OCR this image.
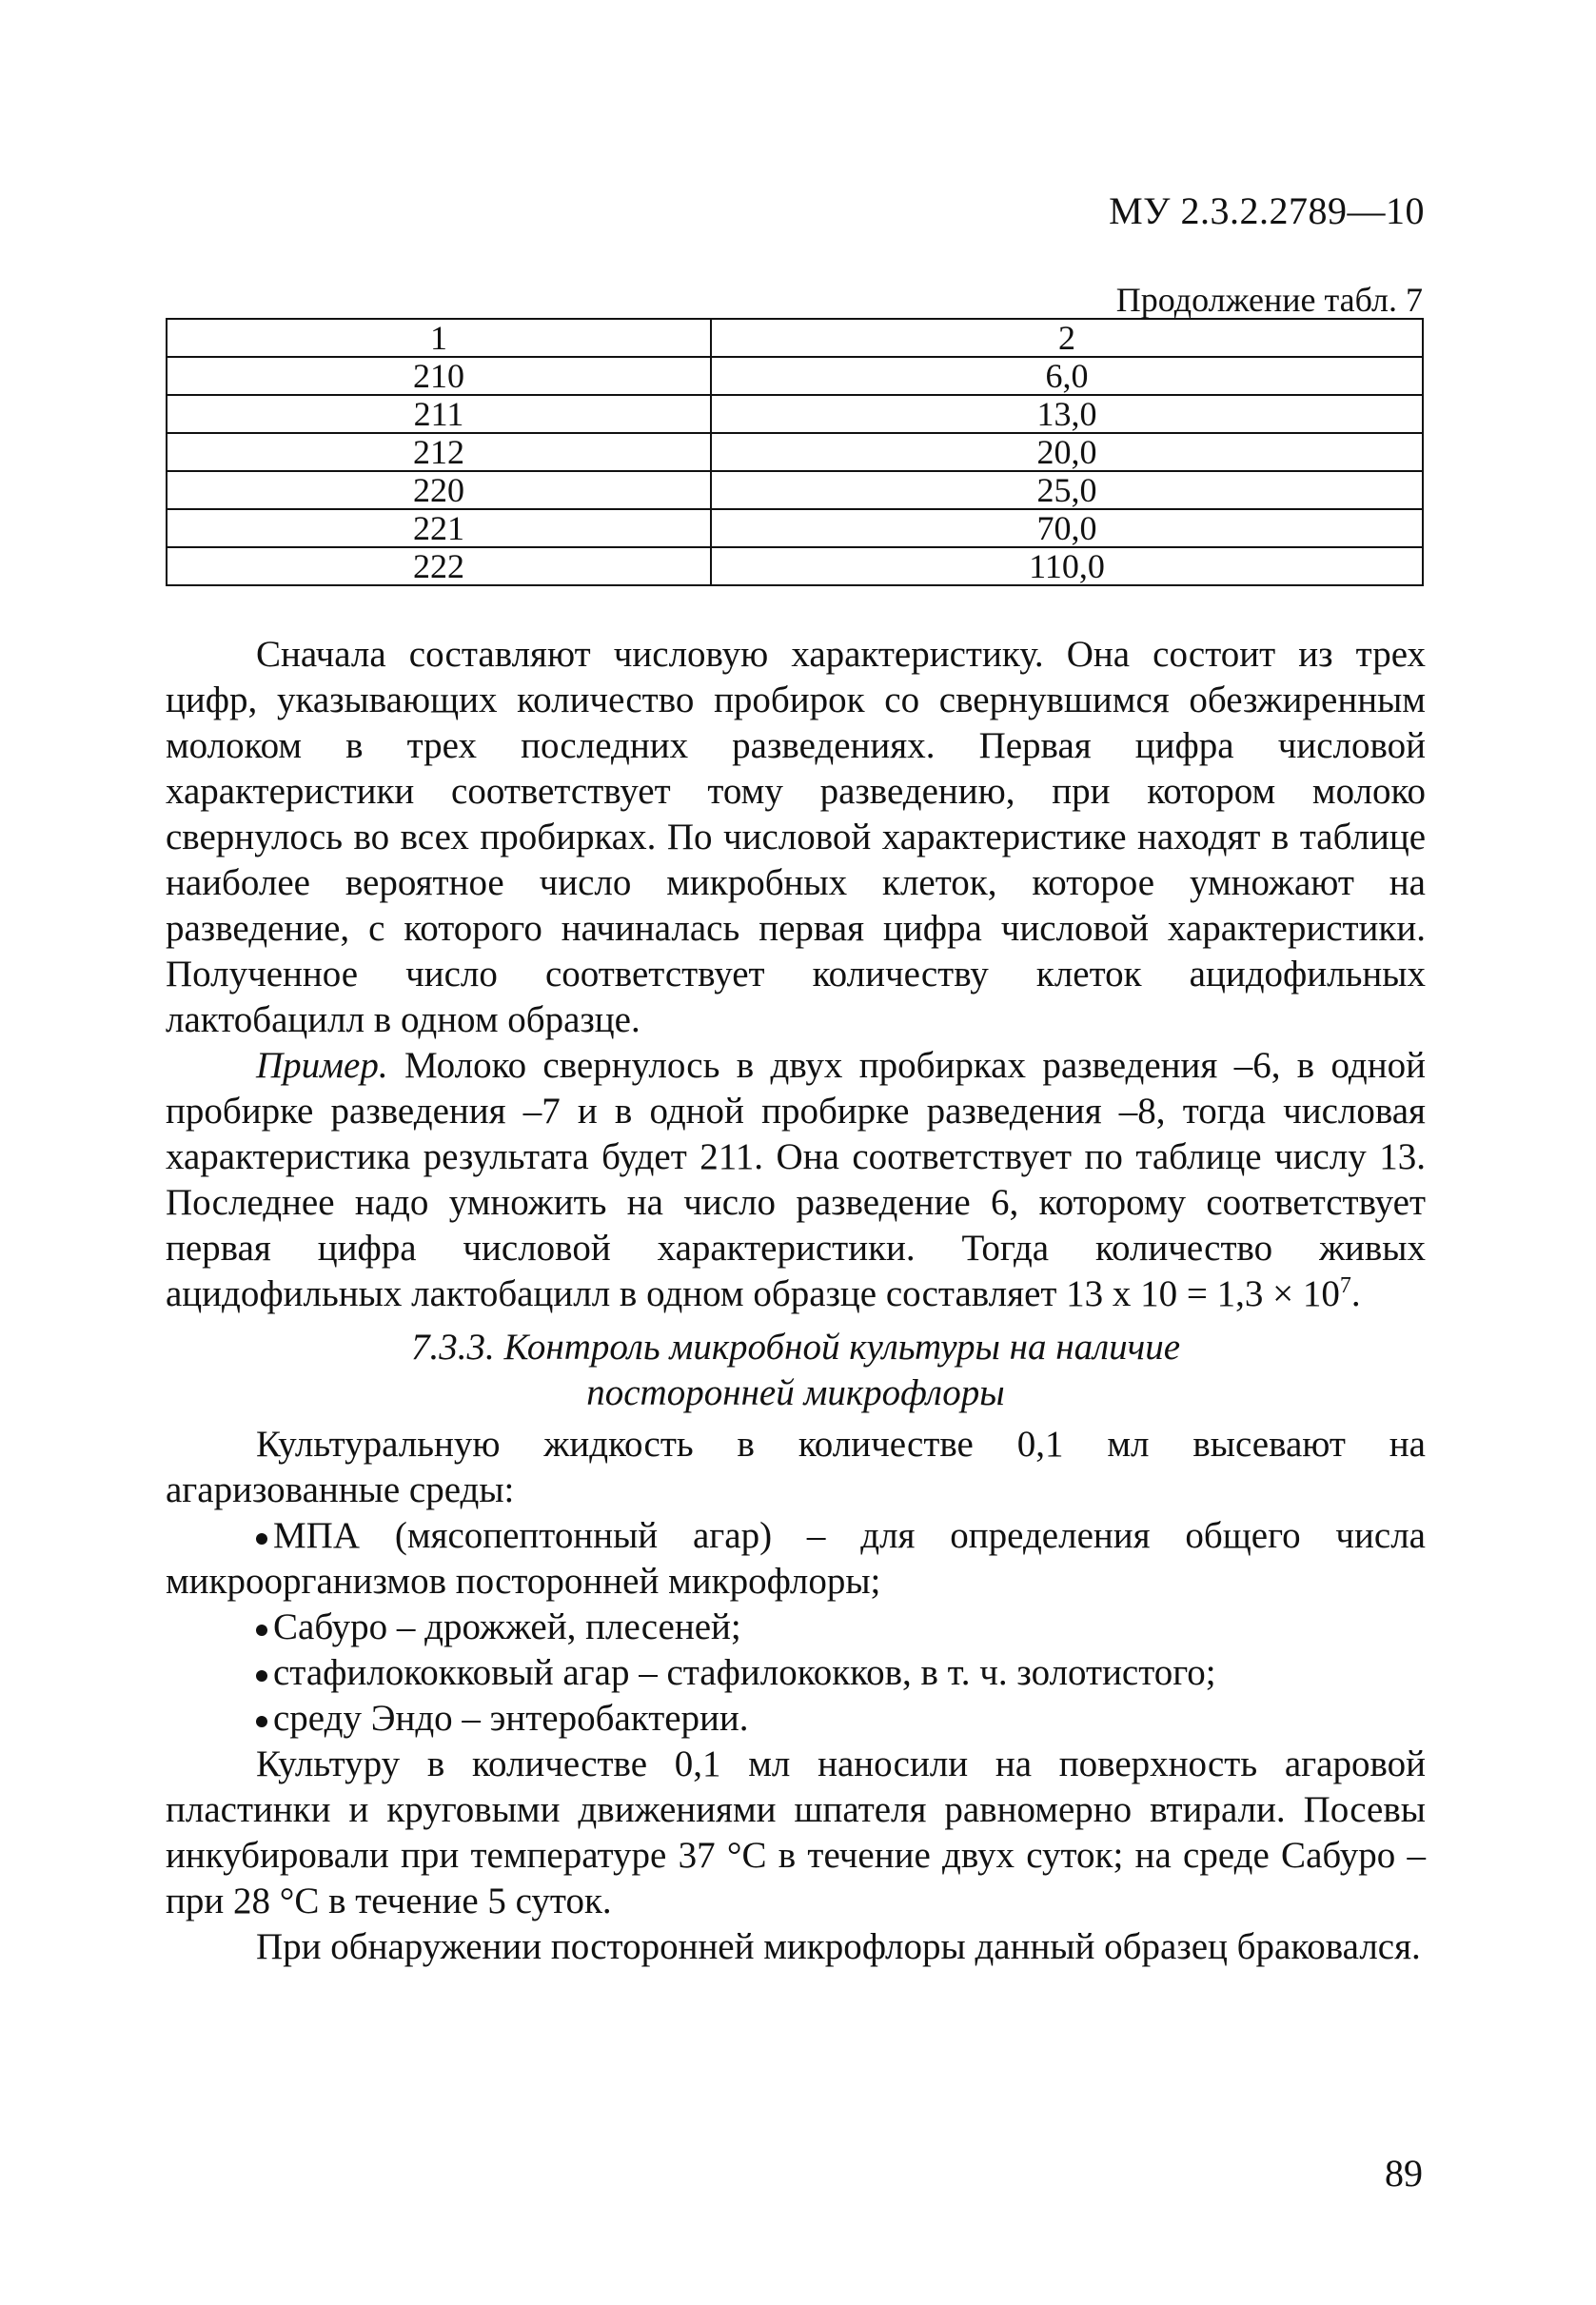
МУ 2.3.2.2789—10
Продолжение табл. 7
1	2
210	6,0
211	13,0
212	20,0
220	25,0
221	70,0
222	110,0

Сначала составляют числовую характеристику. Она состоит из трех цифр, указывающих количество пробирок со свернувшимся обезжиренным молоком в трех последних разведениях. Первая цифра числовой характеристики соответствует тому разведению, при котором молоко свернулось во всех пробирках. По числовой характеристике находят в таблице наиболее вероятное число микробных клеток, которое умножают на разведение, с которого начиналась первая цифра числовой характеристики. Полученное число соответствует количеству клеток ацидофильных лактобацилл в одном образце.

Пример. Молоко свернулось в двух пробирках разведения –6, в одной пробирке разведения –7 и в одной пробирке разведения –8, тогда числовая характеристика результата будет 211. Она соответствует по таблице числу 13. Последнее надо умножить на число разведение 6, которому соответствует первая цифра числовой характеристики. Тогда количество живых ацидофильных лактобацилл в одном образце составляет 13 x $10 = 1,3 \times 10^7$.

7.3.3. Контроль микробной культуры на наличие
посторонней микрофлоры

Культуральную жидкость в количестве 0,1 мл высевают на агаризованные среды:

МПА (мясопептонный агар) – для определения общего числа микроорганизмов посторонней микрофлоры;

Сабуро – дрожжей, плесеней;

стафилококковый агар – стафилококков, в т. ч. золотистого;

среду Эндо – энтеробактерии.

Культуру в количестве 0,1 мл наносили на поверхность агаровой пластинки и круговыми движениями шпателя равномерно втирали. Посевы инкубировали при температуре 37 °С в течение двух суток; на среде Сабуро – при 28 °С в течение 5 суток.

При обнаружении посторонней микрофлоры данный образец браковался.

89
